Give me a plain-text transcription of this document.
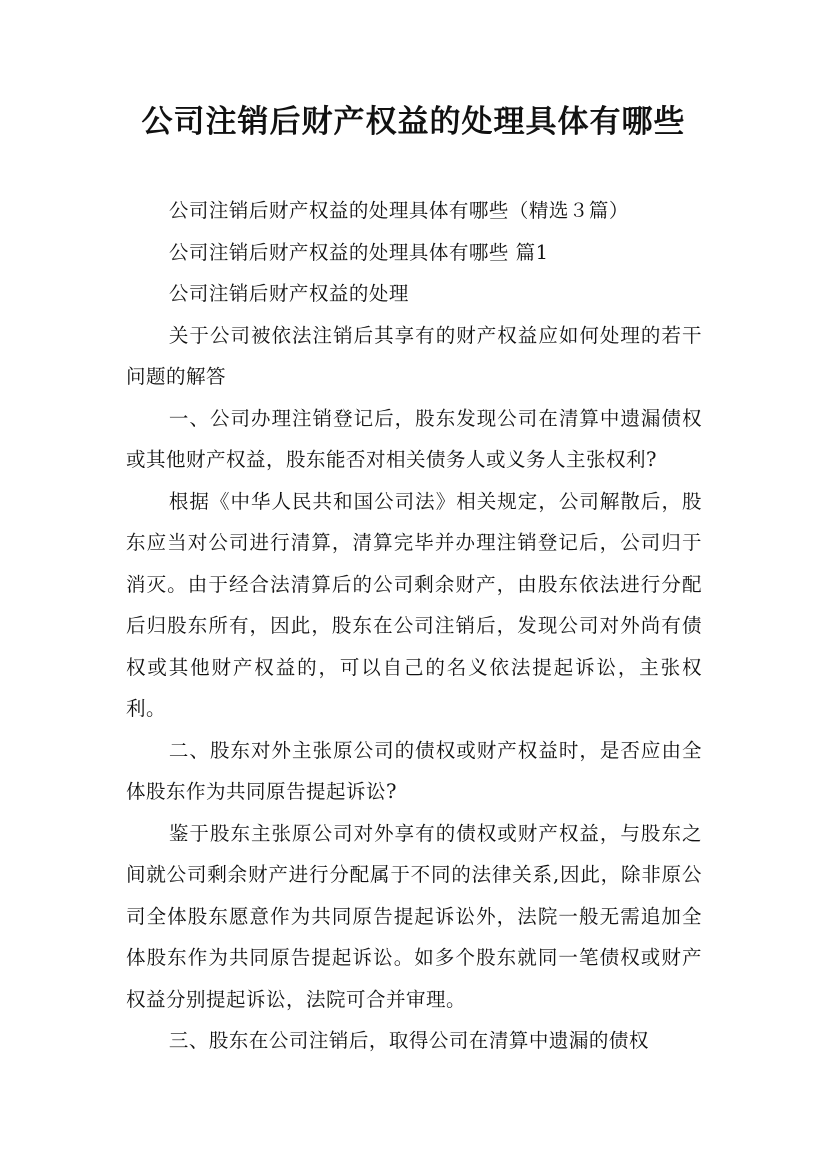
公司注销后财产权益的处理具体有哪些

公司注销后财产权益的处理具体有哪些（精选３篇）

公司注销后财产权益的处理具体有哪些 篇1

公司注销后财产权益的处理

关于公司被依法注销后其享有的财产权益应如何处理的若干问题的解答

一、公司办理注销登记后，股东发现公司在清算中遗漏债权或其他财产权益，股东能否对相关债务人或义务人主张权利?

根据《中华人民共和国公司法》相关规定，公司解散后，股东应当对公司进行清算，清算完毕并办理注销登记后，公司归于消灭。由于经合法清算后的公司剩余财产，由股东依法进行分配后归股东所有，因此，股东在公司注销后，发现公司对外尚有债权或其他财产权益的，可以自己的名义依法提起诉讼，主张权利。

二、股东对外主张原公司的债权或财产权益时，是否应由全体股东作为共同原告提起诉讼?

鉴于股东主张原公司对外享有的债权或财产权益，与股东之间就公司剩余财产进行分配属于不同的法律关系,因此，除非原公司全体股东愿意作为共同原告提起诉讼外，法院一般无需追加全体股东作为共同原告提起诉讼。如多个股东就同一笔债权或财产权益分别提起诉讼，法院可合并审理。

三、股东在公司注销后，取得公司在清算中遗漏的债权
